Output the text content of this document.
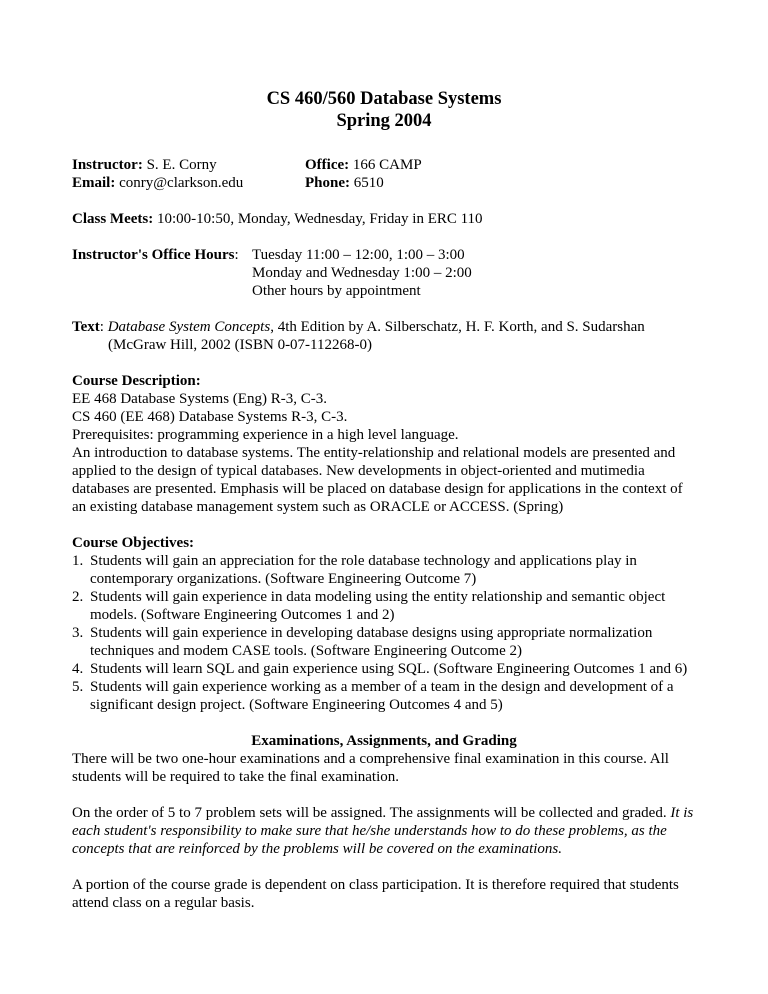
CS 460/560 Database Systems
Spring 2004
Instructor: S. E. Corny
Email: conry@clarkson.edu
Office: 166 CAMP
Phone: 6510
Class Meets: 10:00-10:50, Monday, Wednesday, Friday in ERC 110
Instructor's Office Hours: Tuesday 11:00 – 12:00, 1:00 – 3:00
Monday and Wednesday 1:00 – 2:00
Other hours by appointment
Text: Database System Concepts, 4th Edition by A. Silberschatz, H. F. Korth, and S. Sudarshan
(McGraw Hill, 2002 (ISBN 0-07-112268-0)
Course Description:
EE 468 Database Systems (Eng) R-3, C-3.
CS 460 (EE 468) Database Systems R-3, C-3.
Prerequisites: programming experience in a high level language.
An introduction to database systems. The entity-relationship and relational models are presented and applied to the design of typical databases. New developments in object-oriented and mutimedia databases are presented. Emphasis will be placed on database design for applications in the context of an existing database management system such as ORACLE or ACCESS. (Spring)
Course Objectives:
1. Students will gain an appreciation for the role database technology and applications play in contemporary organizations. (Software Engineering Outcome 7)
2. Students will gain experience in data modeling using the entity relationship and semantic object models. (Software Engineering Outcomes 1 and 2)
3. Students will gain experience in developing database designs using appropriate normalization techniques and modem CASE tools. (Software Engineering Outcome 2)
4. Students will learn SQL and gain experience using SQL. (Software Engineering Outcomes 1 and 6)
5. Students will gain experience working as a member of a team in the design and development of a significant design project. (Software Engineering Outcomes 4 and 5)
Examinations, Assignments, and Grading
There will be two one-hour examinations and a comprehensive final examination in this course. All students will be required to take the final examination.
On the order of 5 to 7 problem sets will be assigned. The assignments will be collected and graded. It is each student's responsibility to make sure that he/she understands how to do these problems, as the concepts that are reinforced by the problems will be covered on the examinations.
A portion of the course grade is dependent on class participation. It is therefore required that students attend class on a regular basis.
